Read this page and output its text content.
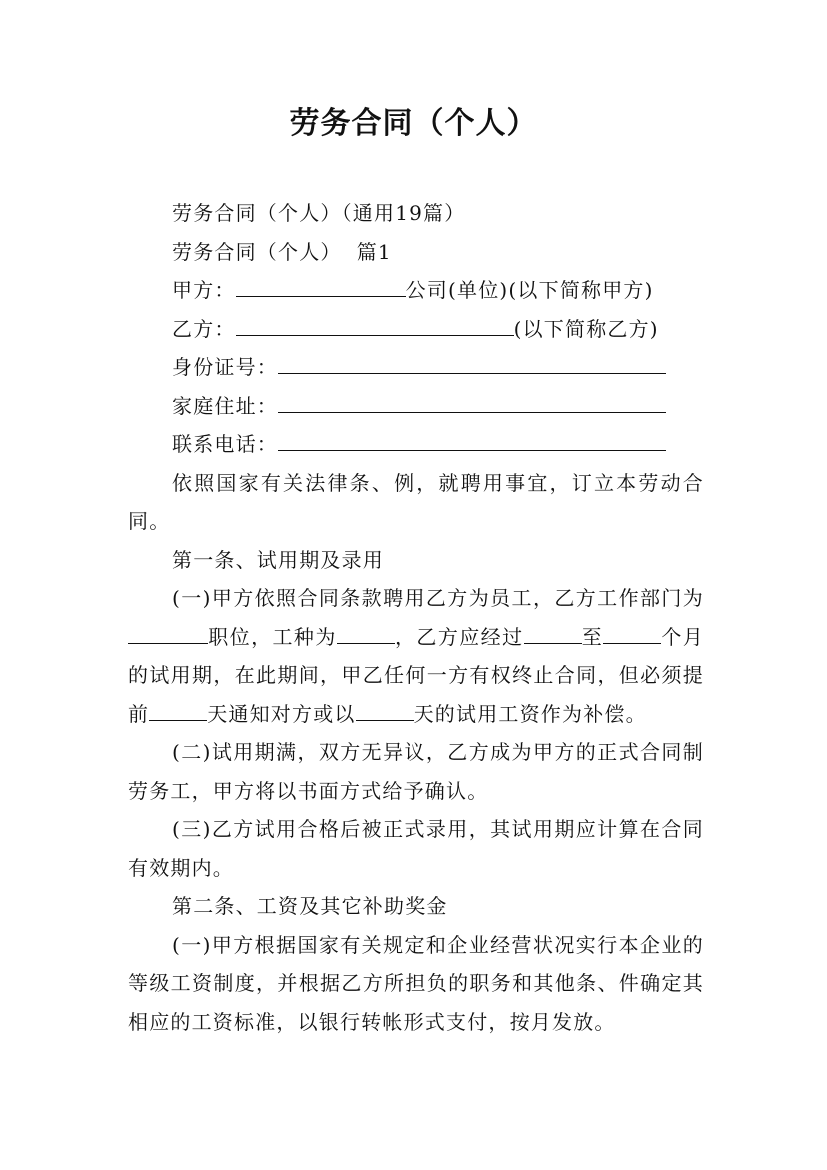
劳务合同（个人）

劳务合同（个人）（通用19篇）

劳务合同（个人）  篇1

甲方：	公司(单位)(以下简称甲方)

乙方：	(以下简称乙方)

身份证号：

家庭住址：

联系电话：

依照国家有关法律条、例，就聘用事宜，订立本劳动合同。

第一条、试用期及录用

(一)甲方依照合同条款聘用乙方为员工，乙方工作部门为职位，工种为	，乙方应经过	至	个月的试用期，在此期间，甲乙任何一方有权终止合同，但必须提前	天通知对方或以	天的试用工资作为补偿。

(二)试用期满，双方无异议，乙方成为甲方的正式合同制劳务工，甲方将以书面方式给予确认。

(三)乙方试用合格后被正式录用，其试用期应计算在合同有效期内。

第二条、工资及其它补助奖金

(一)甲方根据国家有关规定和企业经营状况实行本企业的等级工资制度，并根据乙方所担负的职务和其他条、件确定其相应的工资标准，以银行转帐形式支付，按月发放。
